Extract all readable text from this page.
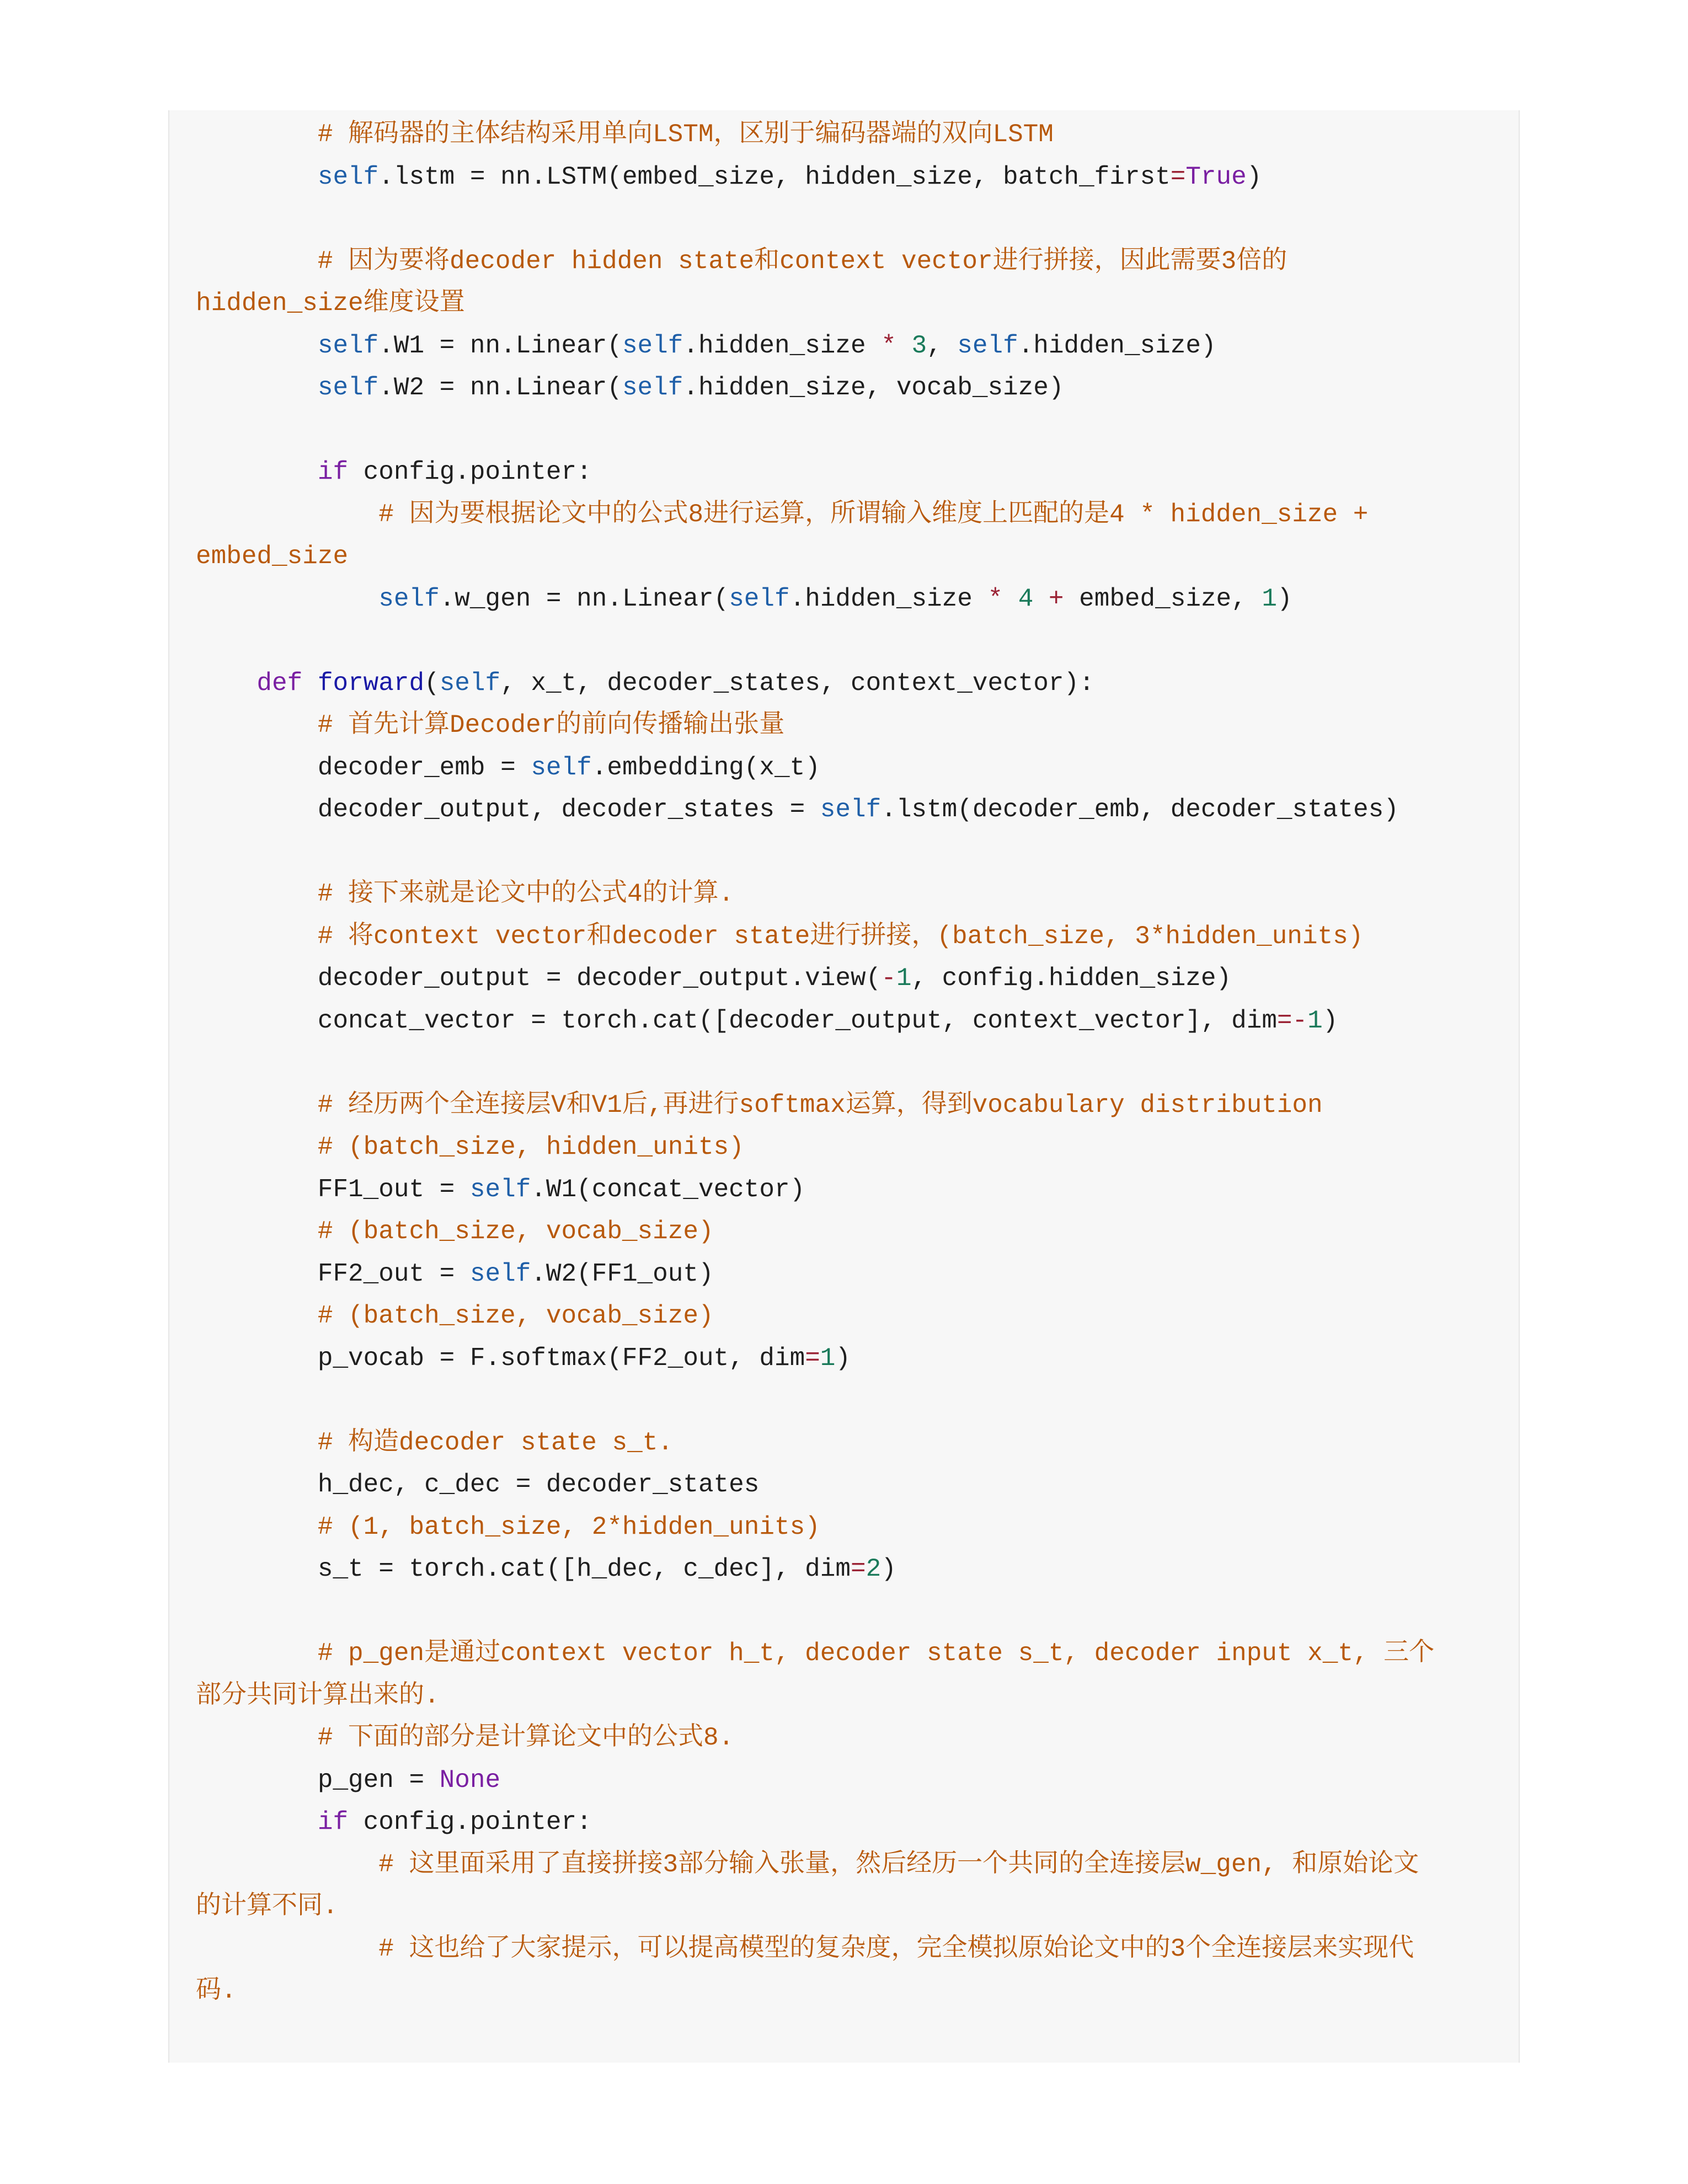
# 解码器的主体结构采用单向LSTM，区别于编码器端的双向LSTM
self.lstm = nn.LSTM(embed_size, hidden_size, batch_first=True)

# 因为要将decoder hidden state和context vector进行拼接，因此需要3倍的
hidden_size维度设置
self.W1 = nn.Linear(self.hidden_size * 3, self.hidden_size)
self.W2 = nn.Linear(self.hidden_size, vocab_size)

if config.pointer:
# 因为要根据论文中的公式8进行运算，所谓输入维度上匹配的是4 * hidden_size +
embed_size
self.w_gen = nn.Linear(self.hidden_size * 4 + embed_size, 1)

def forward(self, x_t, decoder_states, context_vector):
# 首先计算Decoder的前向传播输出张量
decoder_emb = self.embedding(x_t)
decoder_output, decoder_states = self.lstm(decoder_emb, decoder_states)

# 接下来就是论文中的公式4的计算.
# 将context vector和decoder state进行拼接，(batch_size, 3*hidden_units)
decoder_output = decoder_output.view(-1, config.hidden_size)
concat_vector = torch.cat([decoder_output, context_vector], dim=-1)

# 经历两个全连接层V和V1后,再进行softmax运算，得到vocabulary distribution
# (batch_size, hidden_units)
FF1_out = self.W1(concat_vector)
# (batch_size, vocab_size)
FF2_out = self.W2(FF1_out)
# (batch_size, vocab_size)
p_vocab = F.softmax(FF2_out, dim=1)

# 构造decoder state s_t.
h_dec, c_dec = decoder_states
# (1, batch_size, 2*hidden_units)
s_t = torch.cat([h_dec, c_dec], dim=2)

# p_gen是通过context vector h_t, decoder state s_t, decoder input x_t, 三个
部分共同计算出来的.
# 下面的部分是计算论文中的公式8.
p_gen = None
if config.pointer:
# 这里面采用了直接拼接3部分输入张量，然后经历一个共同的全连接层w_gen, 和原始论文
的计算不同.
# 这也给了大家提示，可以提高模型的复杂度，完全模拟原始论文中的3个全连接层来实现代
码.
